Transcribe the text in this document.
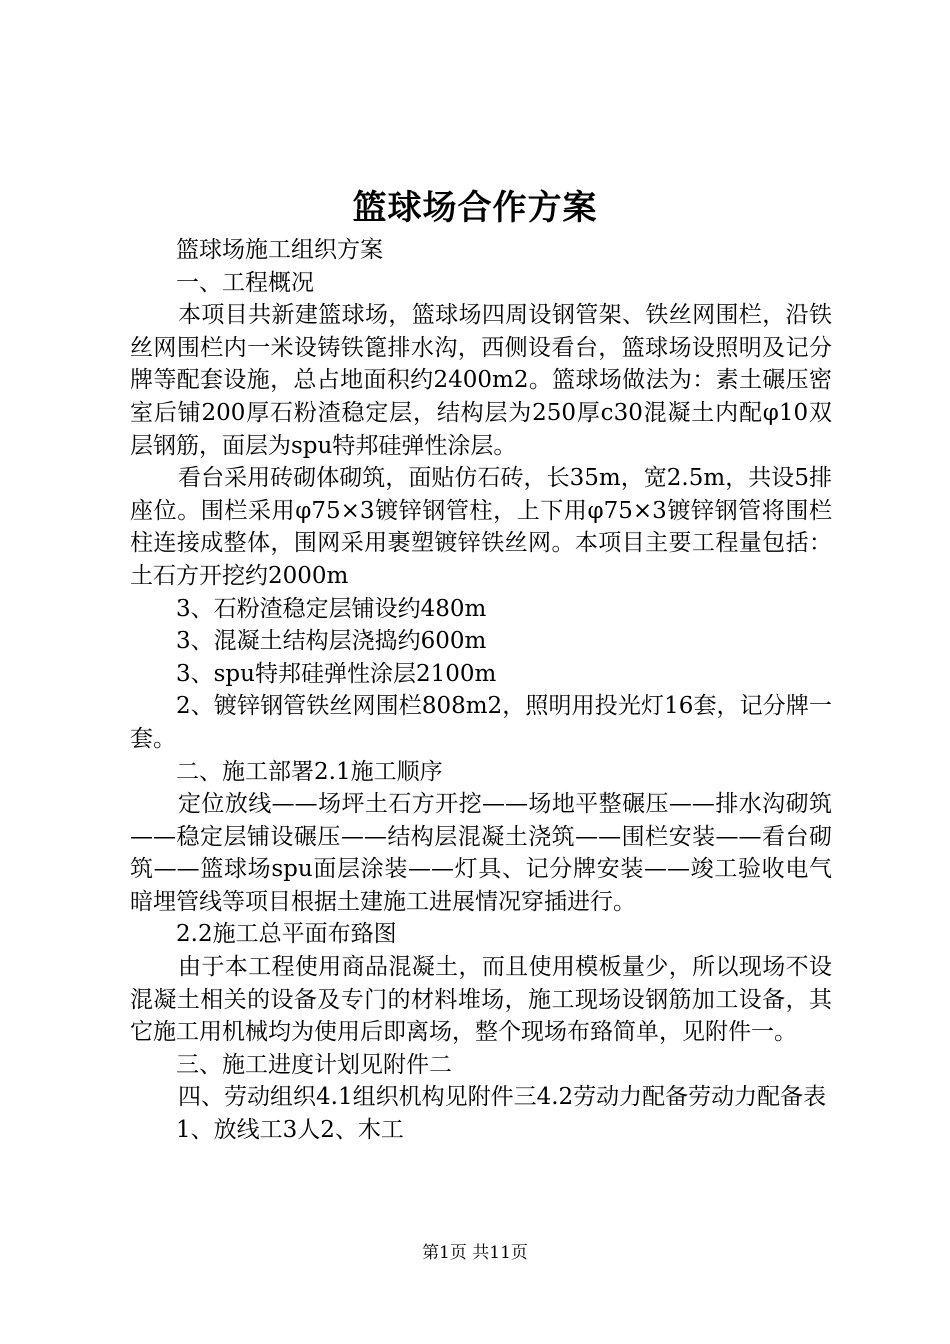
篮球场合作方案

篮球场施工组织方案

一、工程概况

本项目共新建篮球场，篮球场四周设钢管架、铁丝网围栏，沿铁丝网围栏内一米设铸铁篦排水沟，西侧设看台，篮球场设照明及记分牌等配套设施，总占地面积约2400m2。篮球场做法为：素土碾压密室后铺200厚石粉渣稳定层，结构层为250厚c30混凝土内配φ10双层钢筋，面层为spu特邦硅弹性涂层。

看台采用砖砌体砌筑，面贴仿石砖，长35m，宽2.5m，共设5排座位。围栏采用φ75×3镀锌钢管柱，上下用φ75×3镀锌钢管将围栏柱连接成整体，围网采用裹塑镀锌铁丝网。本项目主要工程量包括：土石方开挖约2000m

3、石粉渣稳定层铺设约480m

3、混凝土结构层浇捣约600m

3、spu特邦硅弹性涂层2100m

2、镀锌钢管铁丝网围栏808m2，照明用投光灯16套，记分牌一套。

二、施工部署2.1施工顺序

定位放线——场坪土石方开挖——场地平整碾压——排水沟砌筑——稳定层铺设碾压——结构层混凝土浇筑——围栏安装——看台砌筑——篮球场spu面层涂装——灯具、记分牌安装——竣工验收电气暗埋管线等项目根据土建施工进展情况穿插进行。

2.2施工总平面布臵图

由于本工程使用商品混凝土，而且使用模板量少，所以现场不设混凝土相关的设备及专门的材料堆场，施工现场设钢筋加工设备，其它施工用机械均为使用后即离场，整个现场布臵简单，见附件一。

三、施工进度计划见附件二

四、劳动组织4.1组织机构见附件三4.2劳动力配备劳动力配备表

1、放线工3人2、木工

第1页 共11页
